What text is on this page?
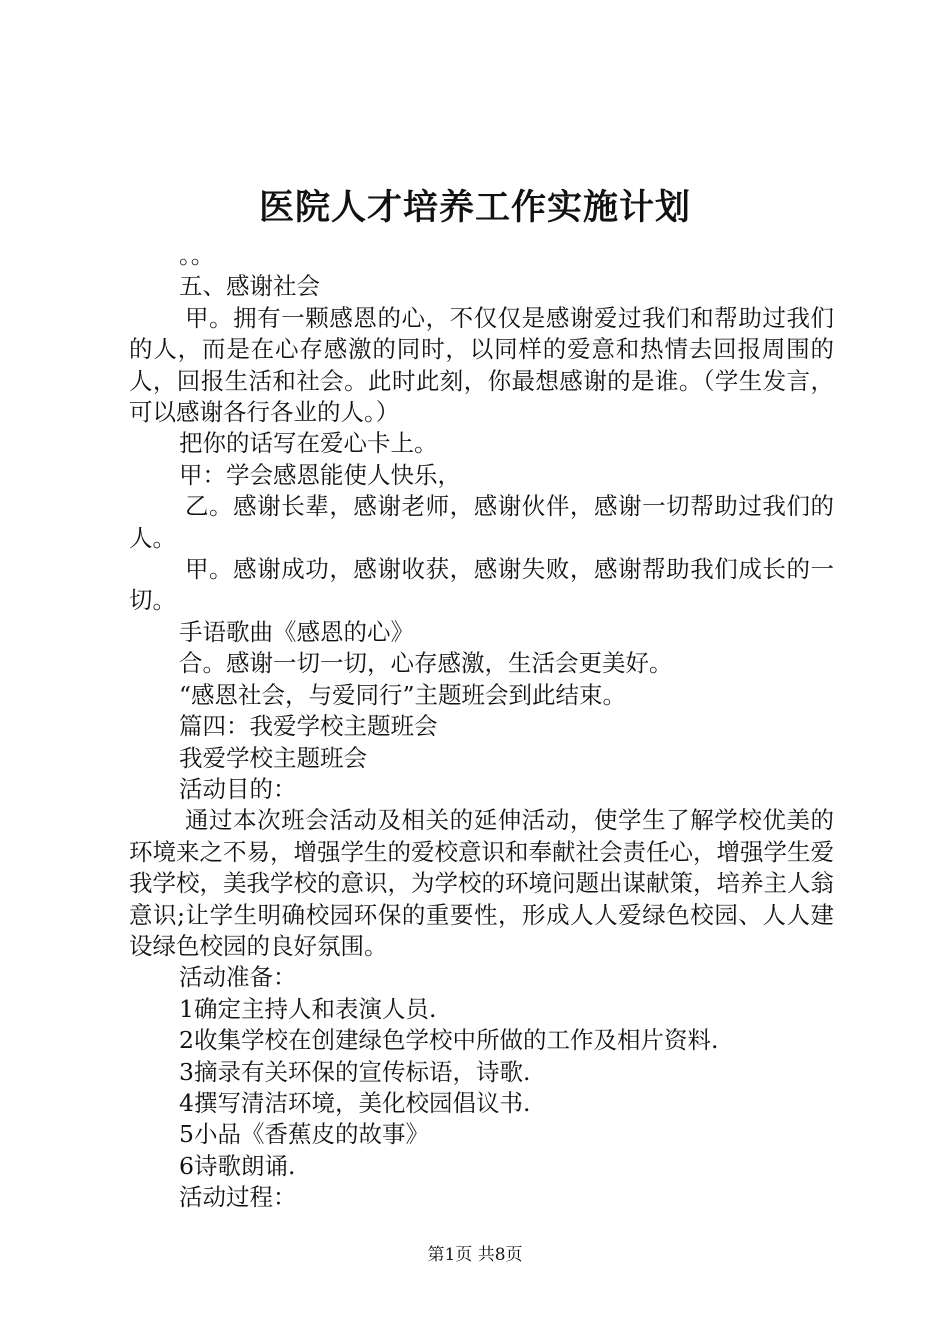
医院人才培养工作实施计划

。。

五、感谢社会

甲。拥有一颗感恩的心，不仅仅是感谢爱过我们和帮助过我们的人，而是在心存感激的同时，以同样的爱意和热情去回报周围的人，回报生活和社会。此时此刻，你最想感谢的是谁。（学生发言，可以感谢各行各业的人。）

把你的话写在爱心卡上。

甲：学会感恩能使人快乐，

乙。感谢长辈，感谢老师，感谢伙伴，感谢一切帮助过我们的人。

甲。感谢成功，感谢收获，感谢失败，感谢帮助我们成长的一切。

手语歌曲《感恩的心》

合。感谢一切一切，心存感激，生活会更美好。

“感恩社会，与爱同行”主题班会到此结束。

篇四：我爱学校主题班会

我爱学校主题班会

活动目的：

通过本次班会活动及相关的延伸活动，使学生了解学校优美的环境来之不易，增强学生的爱校意识和奉献社会责任心，增强学生爱我学校，美我学校的意识，为学校的环境问题出谋献策，培养主人翁意识;让学生明确校园环保的重要性，形成人人爱绿色校园、人人建设绿色校园的良好氛围。

活动准备：

1确定主持人和表演人员.

2收集学校在创建绿色学校中所做的工作及相片资料.

3摘录有关环保的宣传标语，诗歌.

4撰写清洁环境，美化校园倡议书.

5小品《香蕉皮的故事》

6诗歌朗诵.

活动过程：

第1页 共8页
